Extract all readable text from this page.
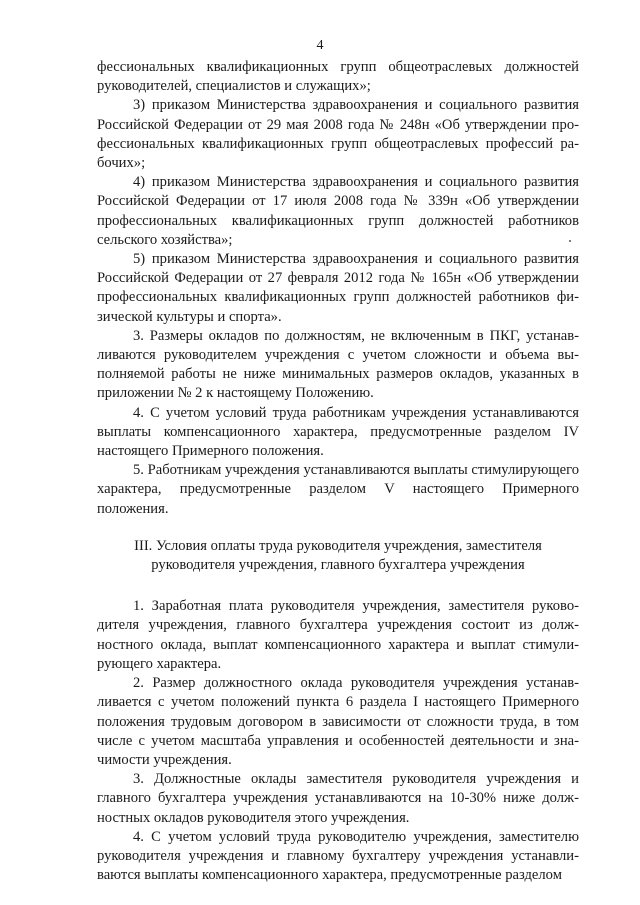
4

фессиональных квалификационных групп общеотраслевых должностей руководителей, специалистов и служащих»;

3) приказом Министерства здравоохранения и социального развития Российской Федерации от 29 мая 2008 года № 248н «Об утверждении профессиональных квалификационных групп общеотраслевых профессий рабочих»;

4) приказом Министерства здравоохранения и социального развития Российской Федерации от 17 июля 2008 года № 339н «Об утверждении профессиональных квалификационных групп должностей работников сельского хозяйства»;

5) приказом Министерства здравоохранения и социального развития Российской Федерации от 27 февраля 2012 года № 165н «Об утверждении профессиональных квалификационных групп должностей работников физической культуры и спорта».

3. Размеры окладов по должностям, не включенным в ПКГ, устанавливаются руководителем учреждения с учетом сложности и объема выполняемой работы не ниже минимальных размеров окладов, указанных в приложении № 2 к настоящему Положению.

4. С учетом условий труда работникам учреждения устанавливаются выплаты компенсационного характера, предусмотренные разделом IV настоящего Примерного положения.

5. Работникам учреждения устанавливаются выплаты стимулирующего характера, предусмотренные разделом V настоящего Примерного положения.

III. Условия оплаты труда руководителя учреждения, заместителя
руководителя учреждения, главного бухгалтера учреждения

1. Заработная плата руководителя учреждения, заместителя руководителя учреждения, главного бухгалтера учреждения состоит из должностного оклада, выплат компенсационного характера и выплат стимулирующего характера.

2. Размер должностного оклада руководителя учреждения устанавливается с учетом положений пункта 6 раздела I настоящего Примерного положения трудовым договором в зависимости от сложности труда, в том числе с учетом масштаба управления и особенностей деятельности и значимости учреждения.

3. Должностные оклады заместителя руководителя учреждения и главного бухгалтера учреждения устанавливаются на 10-30% ниже должностных окладов руководителя этого учреждения.

4. С учетом условий труда руководителю учреждения, заместителю руководителя учреждения и главному бухгалтеру учреждения устанавливаются выплаты компенсационного характера, предусмотренные разделом
